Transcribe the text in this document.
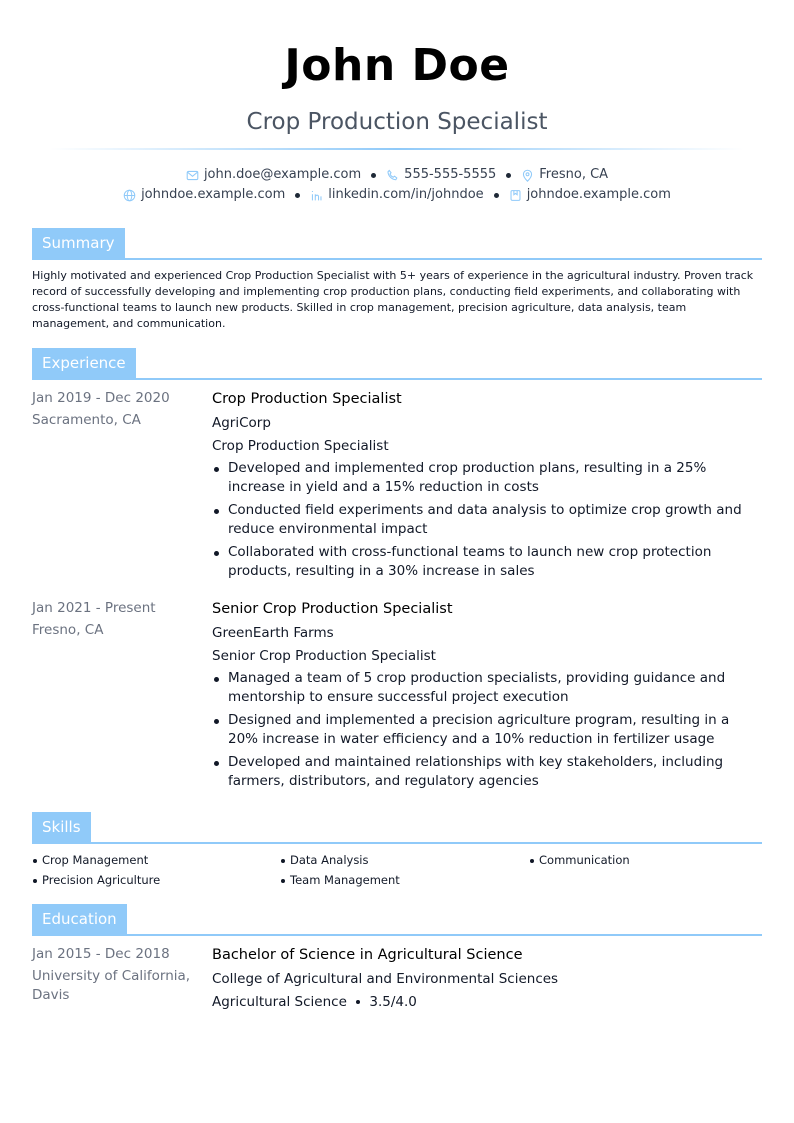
John Doe
Crop Production Specialist
john.doe@example.com	555-555-5555	Fresno, CA
johndoe.example.com	linkedin.com/in/johndoe	johndoe.example.com
Summary
Highly motivated and experienced Crop Production Specialist with 5+ years of experience in the agricultural industry. Proven track record of successfully developing and implementing crop production plans, conducting field experiments, and collaborating with cross-functional teams to launch new products. Skilled in crop management, precision agriculture, data analysis, team management, and communication.
Experience
Jan 2019 - Dec 2020
Sacramento, CA
Crop Production Specialist
AgriCorp
Crop Production Specialist
Developed and implemented crop production plans, resulting in a 25% increase in yield and a 15% reduction in costs
Conducted field experiments and data analysis to optimize crop growth and reduce environmental impact
Collaborated with cross-functional teams to launch new crop protection products, resulting in a 30% increase in sales
Jan 2021 - Present
Fresno, CA
Senior Crop Production Specialist
GreenEarth Farms
Senior Crop Production Specialist
Managed a team of 5 crop production specialists, providing guidance and mentorship to ensure successful project execution
Designed and implemented a precision agriculture program, resulting in a 20% increase in water efficiency and a 10% reduction in fertilizer usage
Developed and maintained relationships with key stakeholders, including farmers, distributors, and regulatory agencies
Skills
Crop Management	Data Analysis	Communication
Precision Agriculture	Team Management
Education
Jan 2015 - Dec 2018
University of California, Davis
Bachelor of Science in Agricultural Science
College of Agricultural and Environmental Sciences
Agricultural Science 3.5/4.0
